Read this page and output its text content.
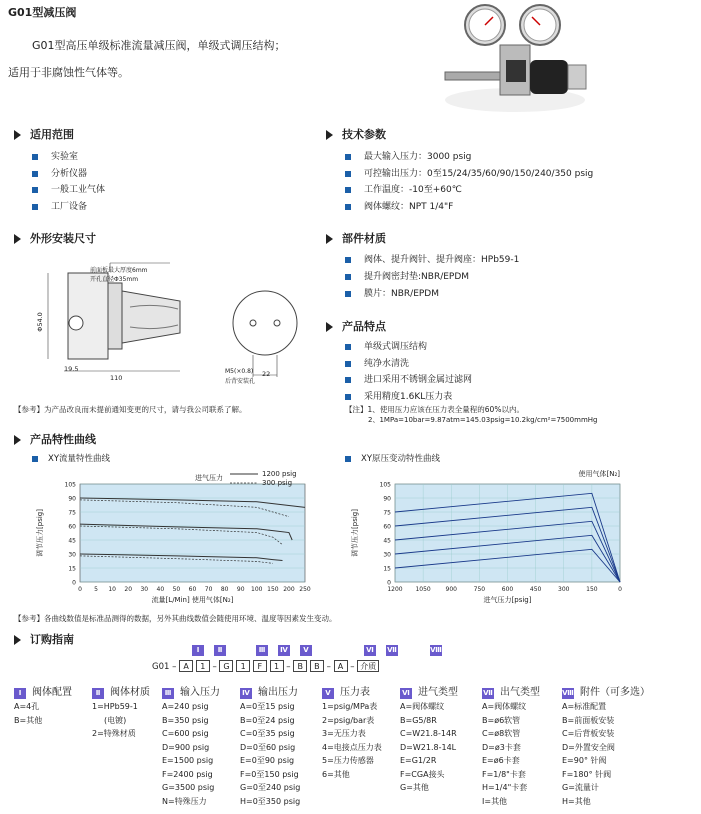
G01型减压阀
G01型高压单级标准流量减压阀，单级式调压结构；
适用于非腐蚀性气体等。
适用范围
实验室
分析仪器
一般工业气体
工厂设备
技术参数
最大输入压力：3000 psig
可控输出压力：0至15/24/35/60/90/150/240/350 psig
工作温度：-10至+60℃
阀体螺纹：NPT 1/4"F
外形安装尺寸
前面板最大厚度6mm
开孔直径Φ35mm
Φ54.0
19.5
110
M5(×0.8)
后背安装孔
22
【参考】为产品改良而未提前通知变更的尺寸，请与我公司联系了解。
部件材质
阀体、提升阀针、提升阀座：HPb59-1
提升阀密封垫:NBR/EPDM
膜片：NBR/EPDM
产品特点
单级式调压结构
纯净水清洗
进口采用不锈钢金属过滤网
采用精度1.6KL压力表
【注】1、使用压力应该在压力表全量程的60%以内。
2、1MPa=10bar=9.87atm=145.03psig=10.2kg/cm²=7500mmHg
产品特性曲线
XY流量特性曲线	XY原压变动特性曲线
0
15
30
45
60
75
90
105
0 5 10 20 30 40 50 60 70 80 90 100 150 200 250
流量[L/Min] 使用气体[N₂]
调节压力[psig]
进气压力	1200 psig
300 psig
0
15
30
45
60
75
90
105
1200 1050 900	750	600	450	300	150	0
进气压力[psig]
调节压力[psig]
使用气体[N₂]
【参考】各曲线数值是标准品测得的数据，另外其曲线数值会随使用环境、温度等因素发生变动。
订购指南
Ⅰ	Ⅱ	Ⅲ	Ⅳ	Ⅴ	Ⅵ	Ⅶ	Ⅷ
G01 – A 1 – G 1 F 1 – B B – A – 介质
Ⅰ 阀体配置
A=4孔
B=其他
Ⅱ 阀体材质
1=HPb59-1
(电镀)
2=特殊材质
Ⅲ 输入压力
A=240 psig
B=350 psig
C=600 psig
D=900 psig
E=1500 psig
F=2400 psig
G=3500 psig
N=特殊压力
Ⅳ 输出压力
A=0至15 psig
B=0至24 psig
C=0至35 psig
D=0至60 psig
E=0至90 psig
F=0至150 psig
G=0至240 psig
H=0至350 psig
Ⅴ 压力表
1=psig/MPa表
2=psig/bar表
3=无压力表
4=电接点压力表
5=压力传感器
6=其他
Ⅵ 进气类型
A=阀体螺纹
B=G5/8R
C=W21.8-14R
D=W21.8-14L
E=G1/2R
F=CGA接头
G=其他
Ⅶ 出气类型
A=阀体螺纹
B=ø6软管
C=ø8软管
D=ø3卡套
E=ø6卡套
F=1/8"卡套
H=1/4"卡套
I=其他
Ⅷ 附件（可多选）
A=标准配置
B=前面板安装
C=后背板安装
D=外置安全阀
E=90° 针阀
F=180° 针阀
G=流量计
H=其他
